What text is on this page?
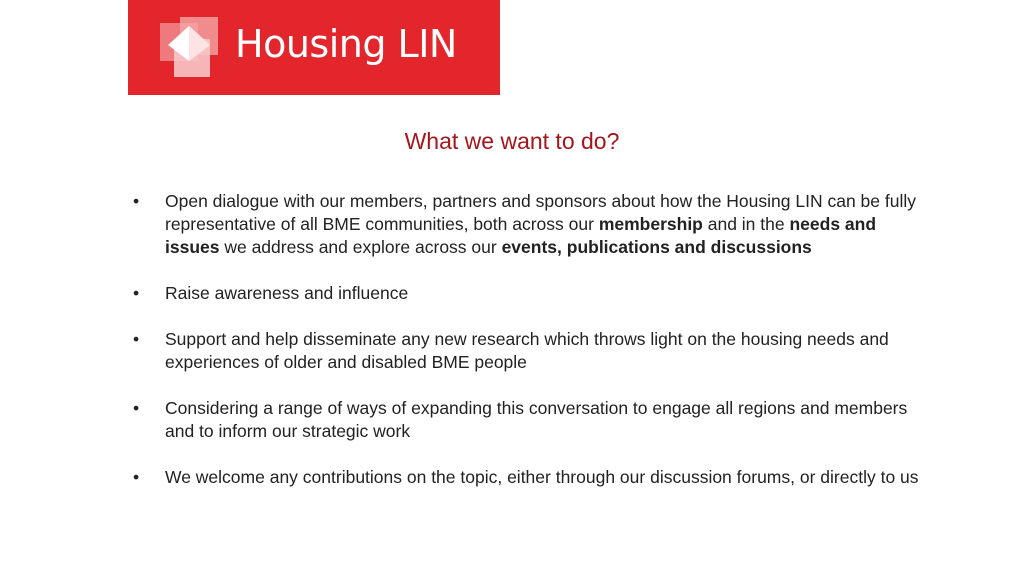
Housing LIN
What we want to do?
•	Open dialogue with our members, partners and sponsors about how the Housing LIN can be fully representative of all BME communities, both across our membership and in the needs and issues we address and explore across our events, publications and discussions
•	Raise awareness and influence
•	Support and help disseminate any new research which throws light on the housing needs and experiences of older and disabled BME people
•	Considering a range of ways of expanding this conversation to engage all regions and members and to inform our strategic work
•	We welcome any contributions on the topic, either through our discussion forums, or directly to us
